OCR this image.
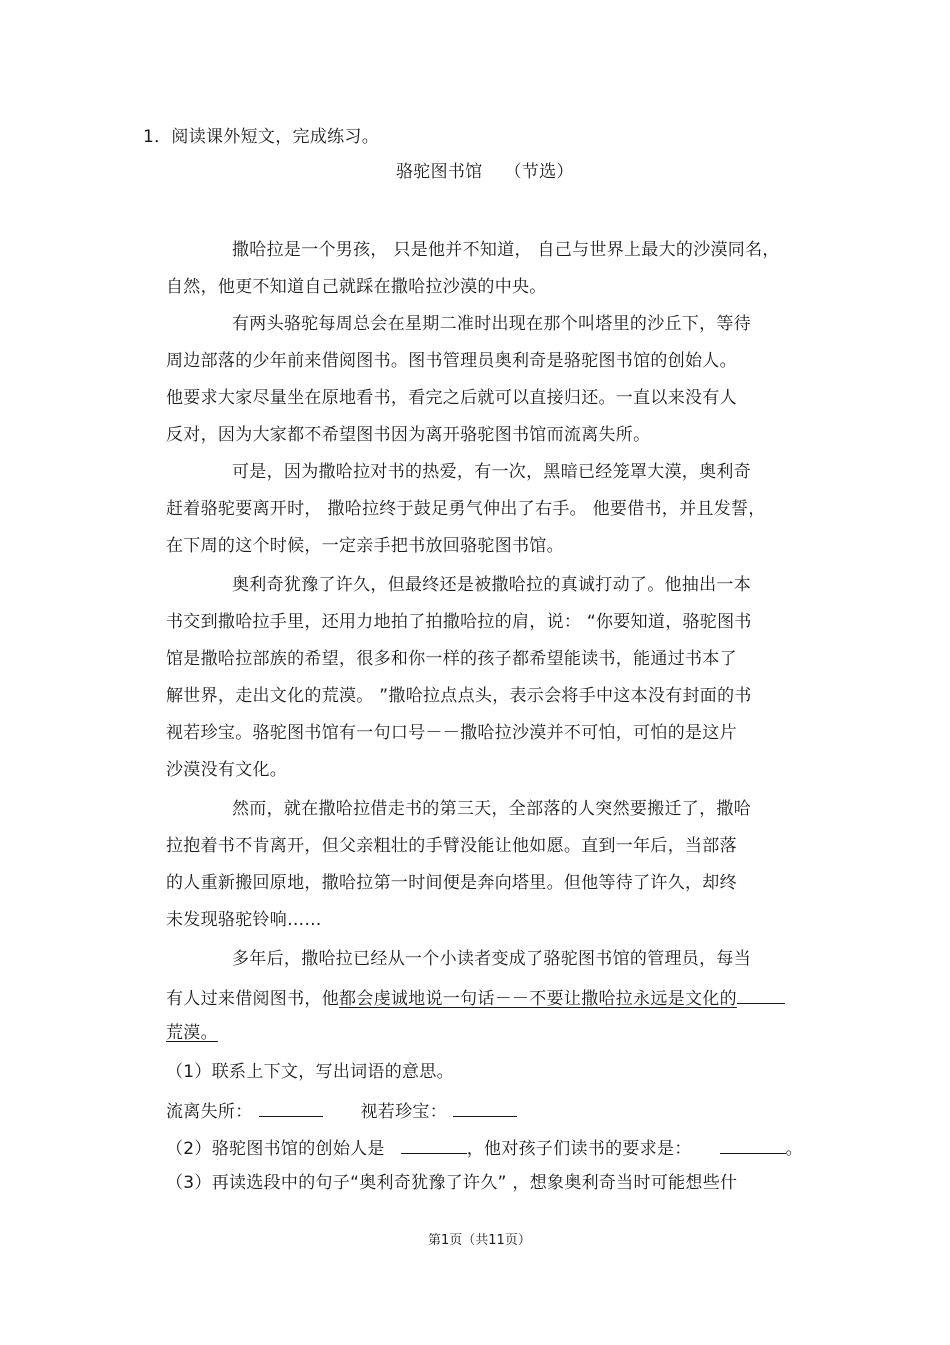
1．阅读课外短文，完成练习。
骆驼图书馆 （节选）
撒哈拉是一个男孩， 只是他并不知道， 自己与世界上最大的沙漠同名，
自然，他更不知道自己就踩在撒哈拉沙漠的中央。
有两头骆驼每周总会在星期二准时出现在那个叫塔里的沙丘下，等待
周边部落的少年前来借阅图书。图书管理员奥利奇是骆驼图书馆的创始人。
他要求大家尽量坐在原地看书，看完之后就可以直接归还。一直以来没有人
反对，因为大家都不希望图书因为离开骆驼图书馆而流离失所。
可是，因为撒哈拉对书的热爱，有一次，黑暗已经笼罩大漠，奥利奇
赶着骆驼要离开时， 撒哈拉终于鼓足勇气伸出了右手。 他要借书，并且发誓，
在下周的这个时候，一定亲手把书放回骆驼图书馆。
奥利奇犹豫了许久，但最终还是被撒哈拉的真诚打动了。他抽出一本
书交到撒哈拉手里，还用力地拍了拍撒哈拉的肩，说： “你要知道，骆驼图书
馆是撒哈拉部族的希望，很多和你一样的孩子都希望能读书，能通过书本了
解世界，走出文化的荒漠。 ”撒哈拉点点头，表示会将手中这本没有封面的书
视若珍宝。骆驼图书馆有一句口号－－撒哈拉沙漠并不可怕，可怕的是这片
沙漠没有文化。
然而，就在撒哈拉借走书的第三天，全部落的人突然要搬迁了，撒哈
拉抱着书不肯离开，但父亲粗壮的手臂没能让他如愿。直到一年后，当部落
的人重新搬回原地，撒哈拉第一时间便是奔向塔里。但他等待了许久，却终
未发现骆驼铃响……
多年后，撒哈拉已经从一个小读者变成了骆驼图书馆的管理员，每当
有人过来借阅图书，他都会虔诚地说一句话－－不要让撒哈拉永远是文化的
荒漠。
（1）联系上下文，写出词语的意思。
流离失所：	视若珍宝：
（2）骆驼图书馆的创始人是	，他对孩子们读书的要求是：	。
（3）再读选段中的句子“奥利奇犹豫了许久” ，想象奥利奇当时可能想些什
第1页（共11页）
